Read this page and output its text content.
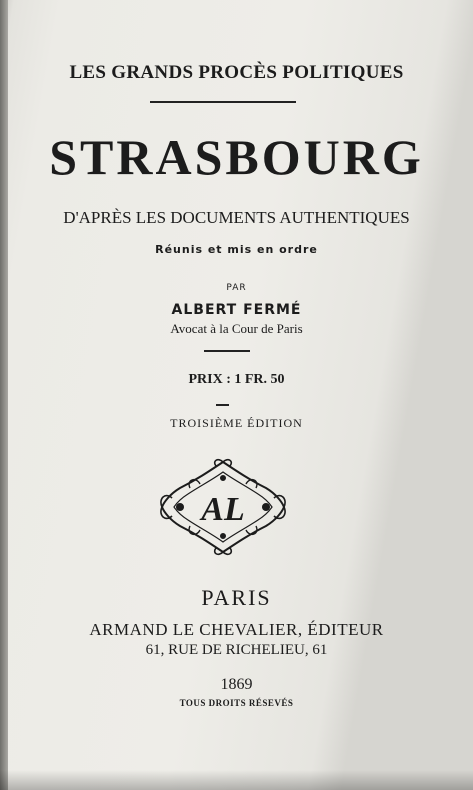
LES GRANDS PROCÈS POLITIQUES
STRASBOURG
D'APRÈS LES DOCUMENTS AUTHENTIQUES
Réunis et mis en ordre
PAR
ALBERT FERMÉ
Avocat à la Cour de Paris
PRIX : 1 FR. 50
TROISIÈME ÉDITION
AL
PARIS
ARMAND LE CHEVALIER, ÉDITEUR
61, RUE DE RICHELIEU, 61
1869
TOUS DROITS RÉSEVÉS
